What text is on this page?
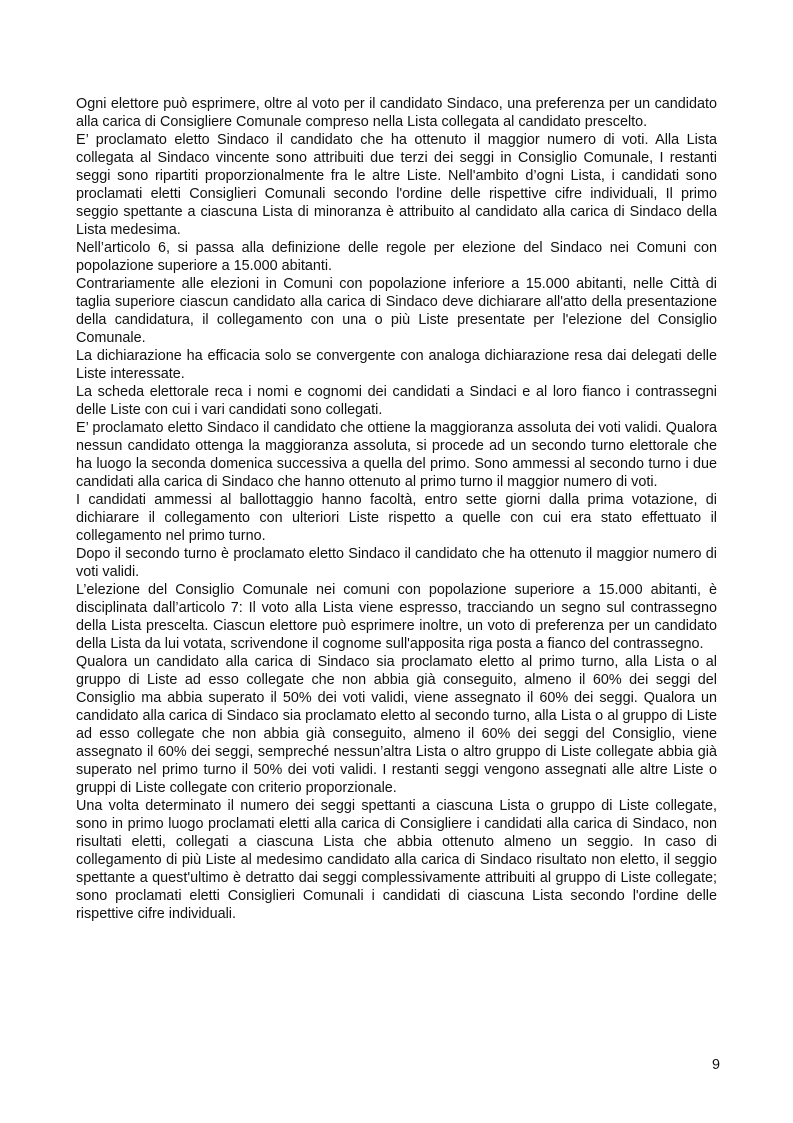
Ogni elettore può esprimere, oltre al voto per il candidato Sindaco, una preferenza per un candidato alla carica di Consigliere Comunale compreso nella Lista collegata al candidato prescelto.

E’ proclamato eletto Sindaco il candidato che ha ottenuto il maggior numero di voti. Alla Lista collegata al Sindaco vincente sono attribuiti due terzi dei seggi in Consiglio Comunale, I restanti seggi sono ripartiti proporzionalmente fra le altre Liste. Nell'ambito d’ogni Lista, i candidati sono proclamati eletti Consiglieri Comunali secondo l'ordine delle rispettive cifre individuali, Il primo seggio spettante a ciascuna Lista di minoranza è attribuito al candidato alla carica di Sindaco della Lista medesima.

Nell’articolo 6, si passa alla definizione delle regole per elezione del Sindaco nei Comuni con popolazione superiore a 15.000 abitanti.

Contrariamente alle elezioni in Comuni con popolazione inferiore a 15.000 abitanti, nelle Città di taglia superiore ciascun candidato alla carica di Sindaco deve dichiarare all'atto della presentazione della candidatura, il collegamento con una o più Liste presentate per l'elezione del Consiglio Comunale.

La dichiarazione ha efficacia solo se convergente con analoga dichiarazione resa dai delegati delle Liste interessate.

La scheda elettorale reca i nomi e cognomi dei candidati a Sindaci e al loro fianco i contrassegni delle Liste con cui i vari candidati sono collegati.

E’ proclamato eletto Sindaco il candidato che ottiene la maggioranza assoluta dei voti validi. Qualora nessun candidato ottenga la maggioranza assoluta, si procede ad un secondo turno elettorale che ha luogo la seconda domenica successiva a quella del primo. Sono ammessi al secondo turno i due candidati alla carica di Sindaco che hanno ottenuto al primo turno il maggior numero di voti.

I candidati ammessi al ballottaggio hanno facoltà, entro sette giorni dalla prima votazione, di dichiarare il collegamento con ulteriori Liste rispetto a quelle con cui era stato effettuato il collegamento nel primo turno.

Dopo il secondo turno è proclamato eletto Sindaco il candidato che ha ottenuto il maggior numero di voti validi.

L’elezione del Consiglio Comunale nei comuni con popolazione superiore a 15.000 abitanti, è disciplinata dall’articolo 7: Il voto alla Lista viene espresso, tracciando un segno sul contrassegno della Lista prescelta. Ciascun elettore può esprimere inoltre, un voto di preferenza per un candidato della Lista da lui votata, scrivendone il cognome sull'apposita riga posta a fianco del contrassegno.

Qualora un candidato alla carica di Sindaco sia proclamato eletto al primo turno, alla Lista o al gruppo di Liste ad esso collegate che non abbia già conseguito, almeno il 60% dei seggi del Consiglio ma abbia superato il 50% dei voti validi, viene assegnato il 60% dei seggi. Qualora un candidato alla carica di Sindaco sia proclamato eletto al secondo turno, alla Lista o al gruppo di Liste ad esso collegate che non abbia già conseguito, almeno il 60% dei seggi del Consiglio, viene assegnato il 60% dei seggi, sempreché nessun’altra Lista o altro gruppo di Liste collegate abbia già superato nel primo turno il 50% dei voti validi. I restanti seggi vengono assegnati alle altre Liste o gruppi di Liste collegate con criterio proporzionale.

Una volta determinato il numero dei seggi spettanti a ciascuna Lista o gruppo di Liste collegate, sono in primo luogo proclamati eletti alla carica di Consigliere i candidati alla carica di Sindaco, non risultati eletti, collegati a ciascuna Lista che abbia ottenuto almeno un seggio. In caso di collegamento di più Liste al medesimo candidato alla carica di Sindaco risultato non eletto, il seggio spettante a quest'ultimo è detratto dai seggi complessivamente attribuiti al gruppo di Liste collegate; sono proclamati eletti Consiglieri Comunali i candidati di ciascuna Lista secondo l'ordine delle rispettive cifre individuali.

9
